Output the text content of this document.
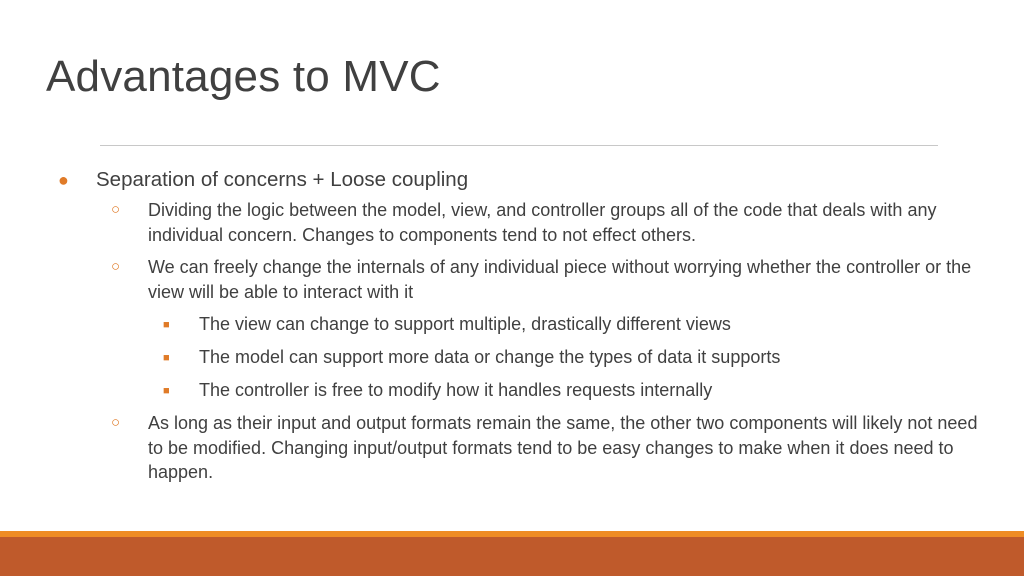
Advantages to MVC
● Separation of concerns + Loose coupling
○ Dividing the logic between the model, view, and controller groups all of the code that deals with any individual concern. Changes to components tend to not effect others.
○ We can freely change the internals of any individual piece without worrying whether the controller or the view will be able to interact with it
■ The view can change to support multiple, drastically different views
■ The model can support more data or change the types of data it supports
■ The controller is free to modify how it handles requests internally
○ As long as their input and output formats remain the same, the other two components will likely not need to be modified. Changing input/output formats tend to be easy changes to make when it does need to happen.
